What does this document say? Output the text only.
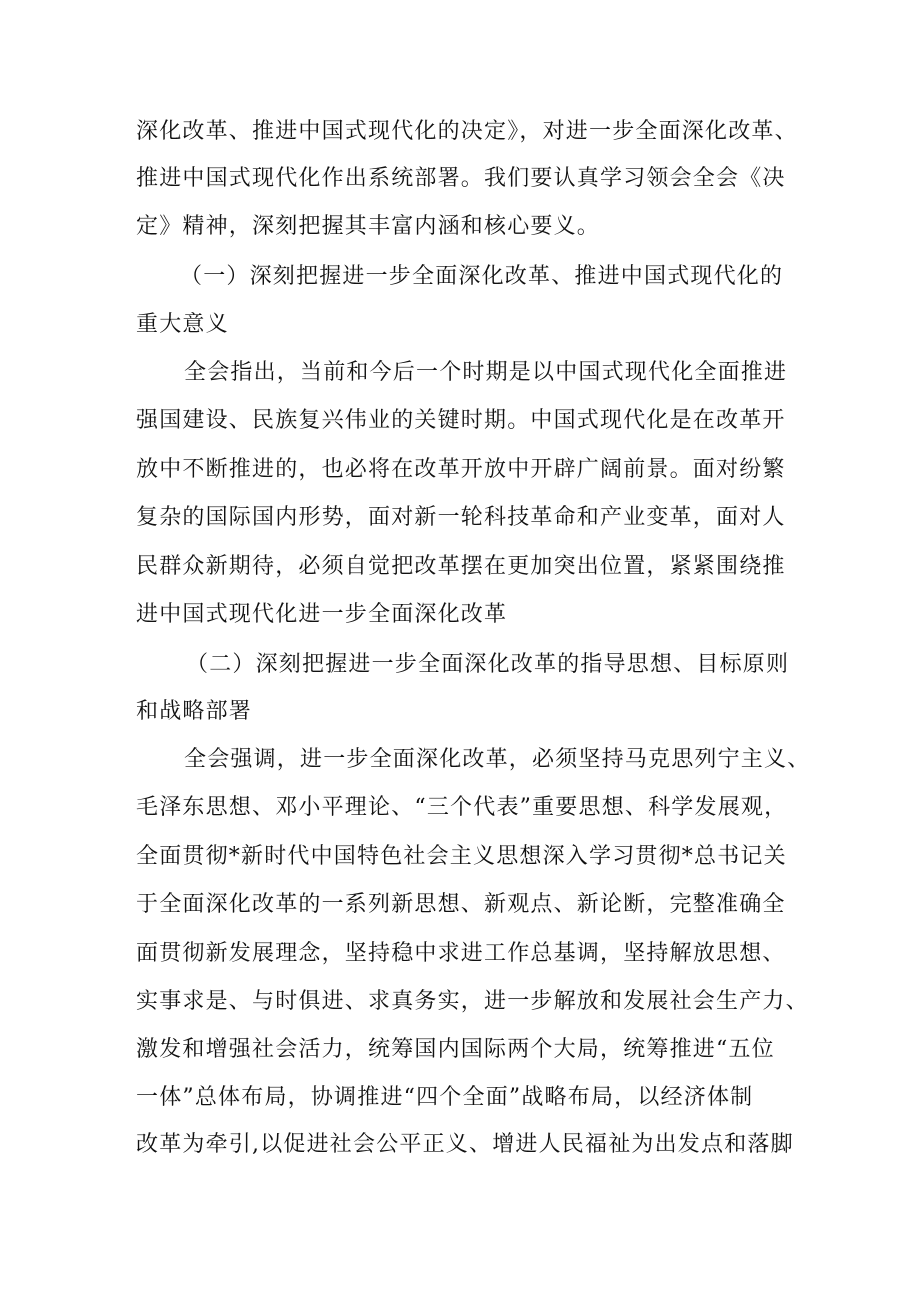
深化改革、推进中国式现代化的决定》，对进一步全面深化改革、
推进中国式现代化作出系统部署。我们要认真学习领会全会《决
定》精神，深刻把握其丰富内涵和核心要义。
（一）深刻把握进一步全面深化改革、推进中国式现代化的
重大意义
全会指出，当前和今后一个时期是以中国式现代化全面推进
强国建设、民族复兴伟业的关键时期。中国式现代化是在改革开
放中不断推进的，也必将在改革开放中开辟广阔前景。面对纷繁
复杂的国际国内形势，面对新一轮科技革命和产业变革，面对人
民群众新期待，必须自觉把改革摆在更加突出位置，紧紧围绕推
进中国式现代化进一步全面深化改革
（二）深刻把握进一步全面深化改革的指导思想、目标原则
和战略部署
全会强调，进一步全面深化改革，必须坚持马克思列宁主义、
毛泽东思想、邓小平理论、“三个代表”重要思想、科学发展观，
全面贯彻*新时代中国特色社会主义思想深入学习贯彻*总书记关
于全面深化改革的一系列新思想、新观点、新论断，完整准确全
面贯彻新发展理念，坚持稳中求进工作总基调，坚持解放思想、
实事求是、与时俱进、求真务实，进一步解放和发展社会生产力、
激发和增强社会活力，统筹国内国际两个大局，统筹推进“五位
一体”总体布局，协调推进“四个全面”战略布局，以经济体制
改革为牵引,以促进社会公平正义、增进人民福祉为出发点和落脚
